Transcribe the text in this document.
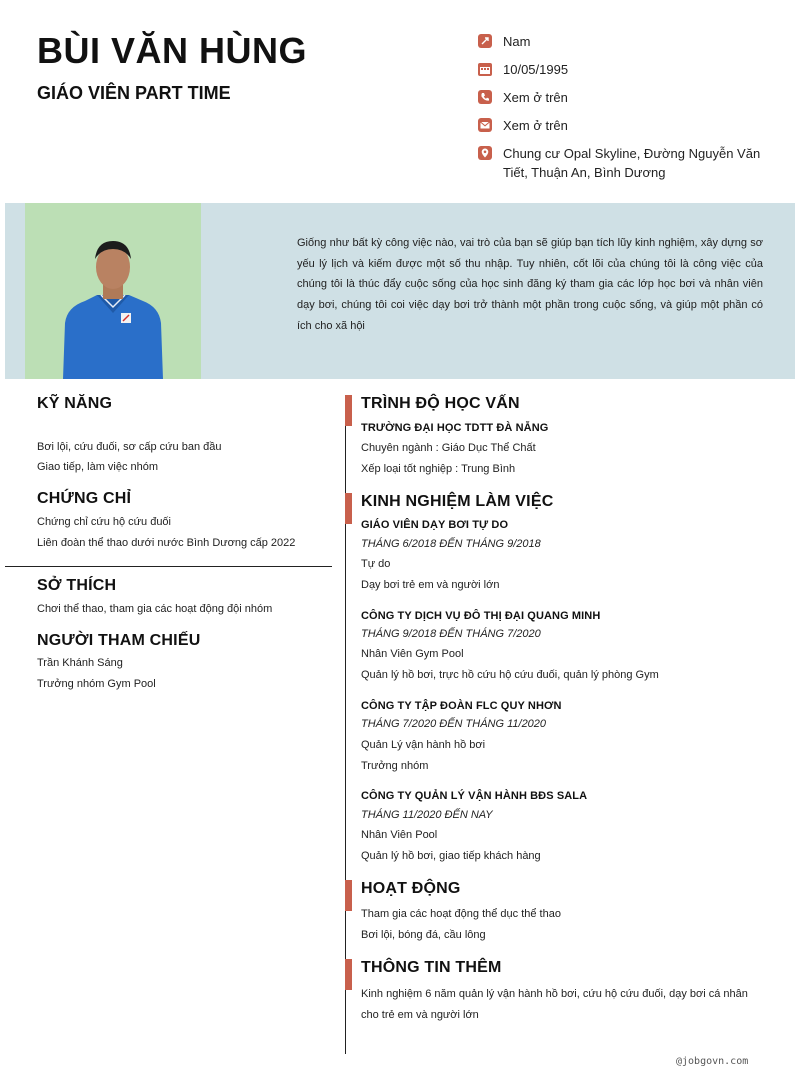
BÙI VĂN HÙNG
GIÁO VIÊN PART TIME
Nam
10/05/1995
Xem ở trên
Xem ở trên
Chung cư Opal Skyline, Đường Nguyễn Văn Tiết, Thuận An, Bình Dương
Giống như bất kỳ công việc nào, vai trò của bạn sẽ giúp bạn tích lũy kinh nghiệm, xây dựng sơ yếu lý lịch và kiếm được một số thu nhập. Tuy nhiên, cốt lõi của chúng tôi là công việc của chúng tôi là thúc đẩy cuộc sống của học sinh đăng ký tham gia các lớp học bơi và nhân viên dạy bơi, chúng tôi coi việc dạy bơi trở thành một phần trong cuộc sống, và giúp một phần có ích cho xã hội
KỸ NĂNG
Bơi lội, cứu đuối, sơ cấp cứu ban đầu
Giao tiếp, làm việc nhóm
CHỨNG CHỈ
Chứng chỉ cứu hộ cứu đuối
Liên đoàn thể thao dưới nước Bình Dương cấp 2022
SỞ THÍCH
Chơi thể thao, tham gia các hoạt động đội nhóm
NGƯỜI THAM CHIẾU
Trần Khánh Sáng
Trưởng nhóm Gym Pool
TRÌNH ĐỘ HỌC VẤN
TRƯỜNG ĐẠI HỌC TDTT ĐÀ NẴNG
Chuyên ngành : Giáo Dục Thể Chất
Xếp loại tốt nghiệp : Trung Bình
KINH NGHIỆM LÀM VIỆC
GIÁO VIÊN DẠY BƠI TỰ DO
THÁNG 6/2018 ĐẾN THÁNG 9/2018
Tự do
Dạy bơi trẻ em và người lớn
CÔNG TY DỊCH VỤ ĐÔ THỊ ĐẠI QUANG MINH
THÁNG 9/2018 ĐẾN THÁNG 7/2020
Nhân Viên Gym Pool
Quản lý hồ bơi, trực hồ cứu hộ cứu đuối, quản lý phòng Gym
CÔNG TY TẬP ĐOÀN FLC QUY NHƠN
THÁNG 7/2020 ĐẾN THÁNG 11/2020
Quản Lý vận hành hồ bơi
Trưởng nhóm
CÔNG TY QUẢN LÝ VẬN HÀNH BĐS SALA
THÁNG 11/2020 ĐẾN NAY
Nhân Viên Pool
Quản lý hồ bơi, giao tiếp khách hàng
HOẠT ĐỘNG
Tham gia các hoạt động thể dục thể thao
Bơi lội, bóng đá, cầu lông
THÔNG TIN THÊM
Kinh nghiệm 6 năm quản lý vận hành hồ bơi, cứu hộ cứu đuối, dạy bơi cá nhân cho trẻ em và người lớn
@jobgovn.com
